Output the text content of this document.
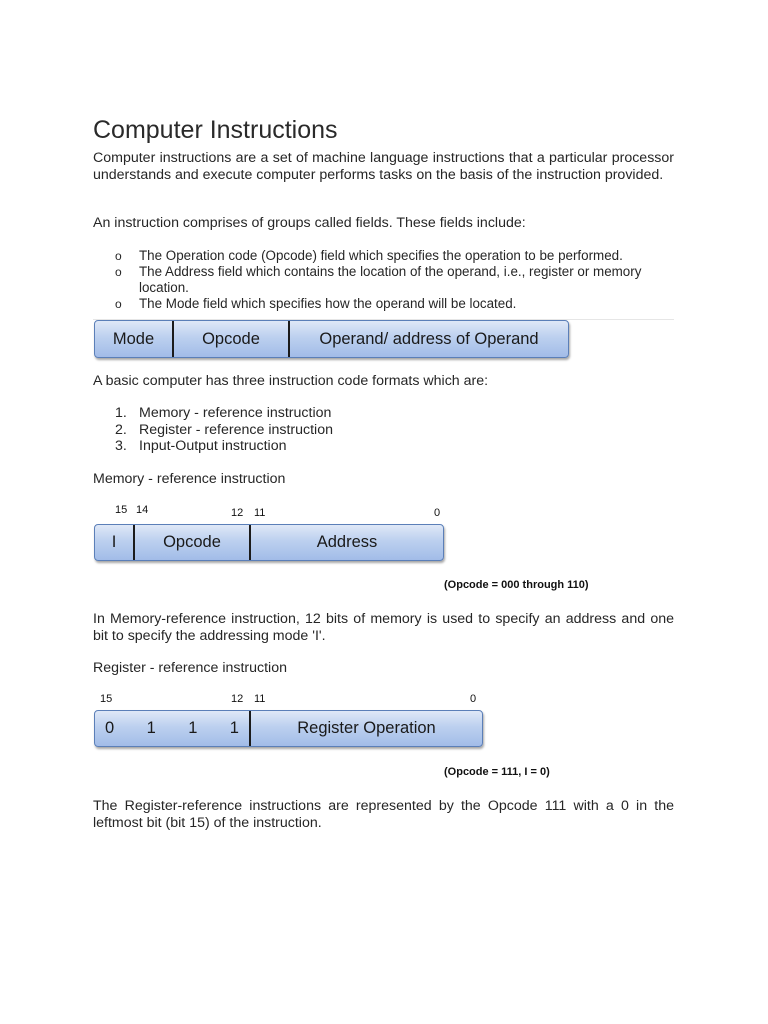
Computer Instructions

Computer instructions are a set of machine language instructions that a particular processor understands and execute computer performs tasks on the basis of the instruction provided.

An instruction comprises of groups called fields. These fields include:

o The Operation code (Opcode) field which specifies the operation to be performed.
o The Address field which contains the location of the operand, i.e., register or memory location.
o The Mode field which specifies how the operand will be located.
Mode	Opcode	Operand/ address of Operand

A basic computer has three instruction code formats which are:

1. Memory - reference instruction
2. Register - reference instruction
3. Input-Output instruction

Memory - reference instruction

15 14	12 11	0
I	Opcode	Address
(Opcode = 000 through 110)

In Memory-reference instruction, 12 bits of memory is used to specify an address and one bit to specify the addressing mode 'I'.

Register - reference instruction

15	12 11	0
0 1 1 1	Register Operation
(Opcode = 111, I = 0)

The Register-reference instructions are represented by the Opcode 111 with a 0 in the leftmost bit (bit 15) of the instruction.
